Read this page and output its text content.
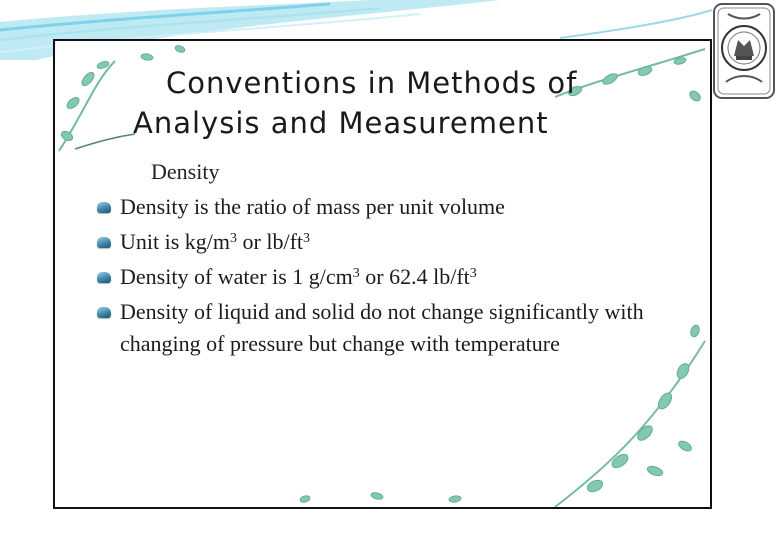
Conventions in Methods of
Analysis and Measurement
Density
Density is the ratio of mass per unit volume
Unit is $kg/m^3$ or $lb/ft^3$
Density of water is 1 $g/cm^3$ or 62.4 $lb/ft^3$
Density of liquid and solid do not change significantly with changing of pressure but change with temperature
